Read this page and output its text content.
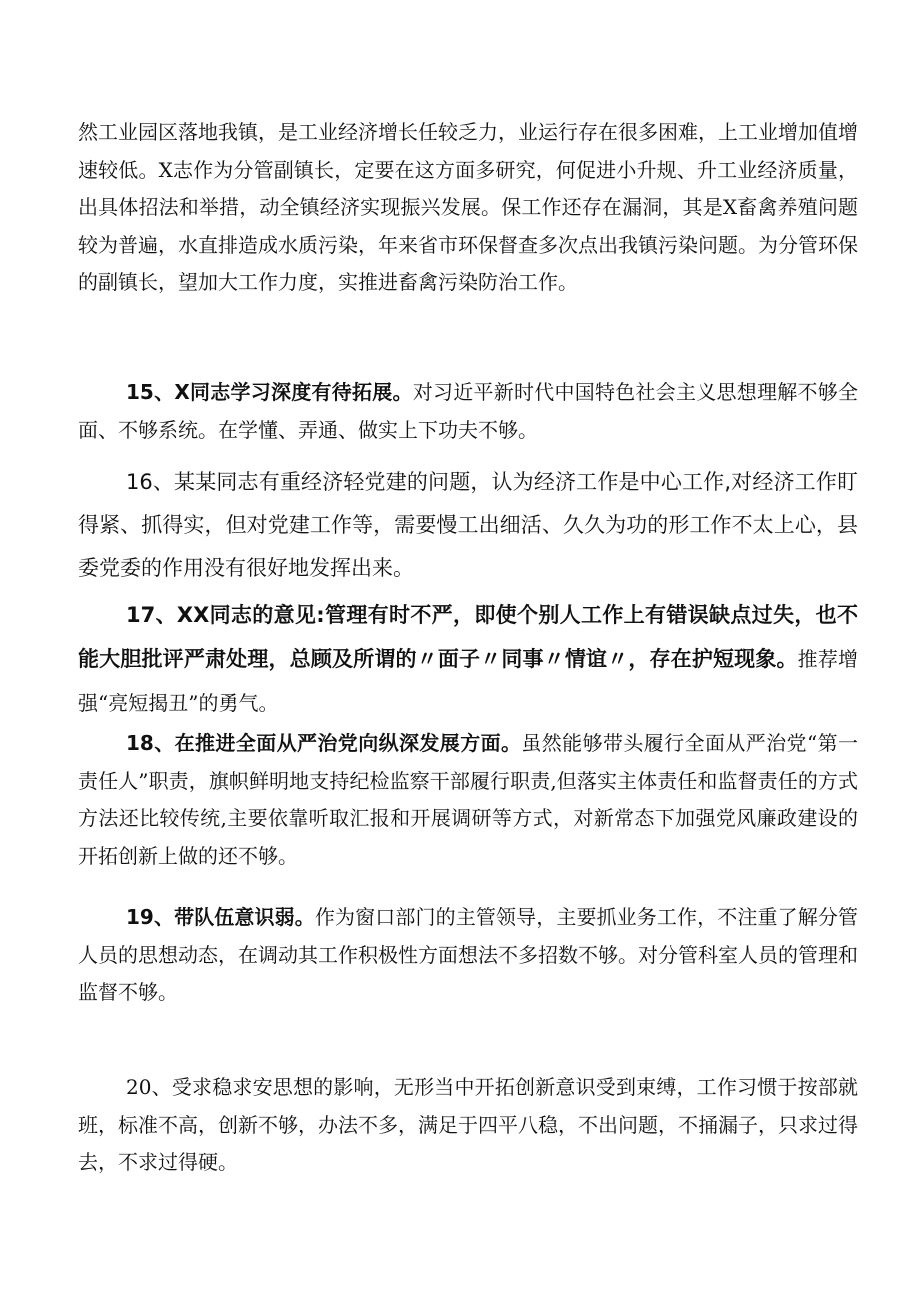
然工业园区落地我镇，是工业经济增长任较乏力，业运行存在很多困难，上工业增加值增速较低。X志作为分管副镇长，定要在这方面多研究，何促进小升规、升工业经济质量，出具体招法和举措，动全镇经济实现振兴发展。保工作还存在漏洞，其是X畜禽养殖问题较为普遍，水直排造成水质污染，年来省市环保督查多次点出我镇污染问题。为分管环保的副镇长，望加大工作力度，实推进畜禽污染防治工作。

15、X同志学习深度有待拓展。对习近平新时代中国特色社会主义思想理解不够全面、不够系统。在学懂、弄通、做实上下功夫不够。

16、某某同志有重经济轻党建的问题，认为经济工作是中心工作,对经济工作盯得紧、抓得实，但对党建工作等，需要慢工出细活、久久为功的形工作不太上心，县委党委的作用没有很好地发挥出来。

17、XX同志的意见:管理有时不严，即使个别人工作上有错误缺点过失，也不能大胆批评严肃处理，总顾及所谓的〃面子〃同事〃情谊〃，存在护短现象。推荐增强“亮短揭丑”的勇气。

18、在推进全面从严治党向纵深发展方面。虽然能够带头履行全面从严治党“第一责任人”职责，旗帜鲜明地支持纪检监察干部履行职责,但落实主体责任和监督责任的方式方法还比较传统,主要依靠听取汇报和开展调研等方式，对新常态下加强党风廉政建设的开拓创新上做的还不够。

19、带队伍意识弱。作为窗口部门的主管领导，主要抓业务工作，不注重了解分管人员的思想动态，在调动其工作积极性方面想法不多招数不够。对分管科室人员的管理和监督不够。

20、受求稳求安思想的影响，无形当中开拓创新意识受到束缚，工作习惯于按部就班，标准不高，创新不够，办法不多，满足于四平八稳，不出问题，不捅漏子，只求过得去，不求过得硬。
